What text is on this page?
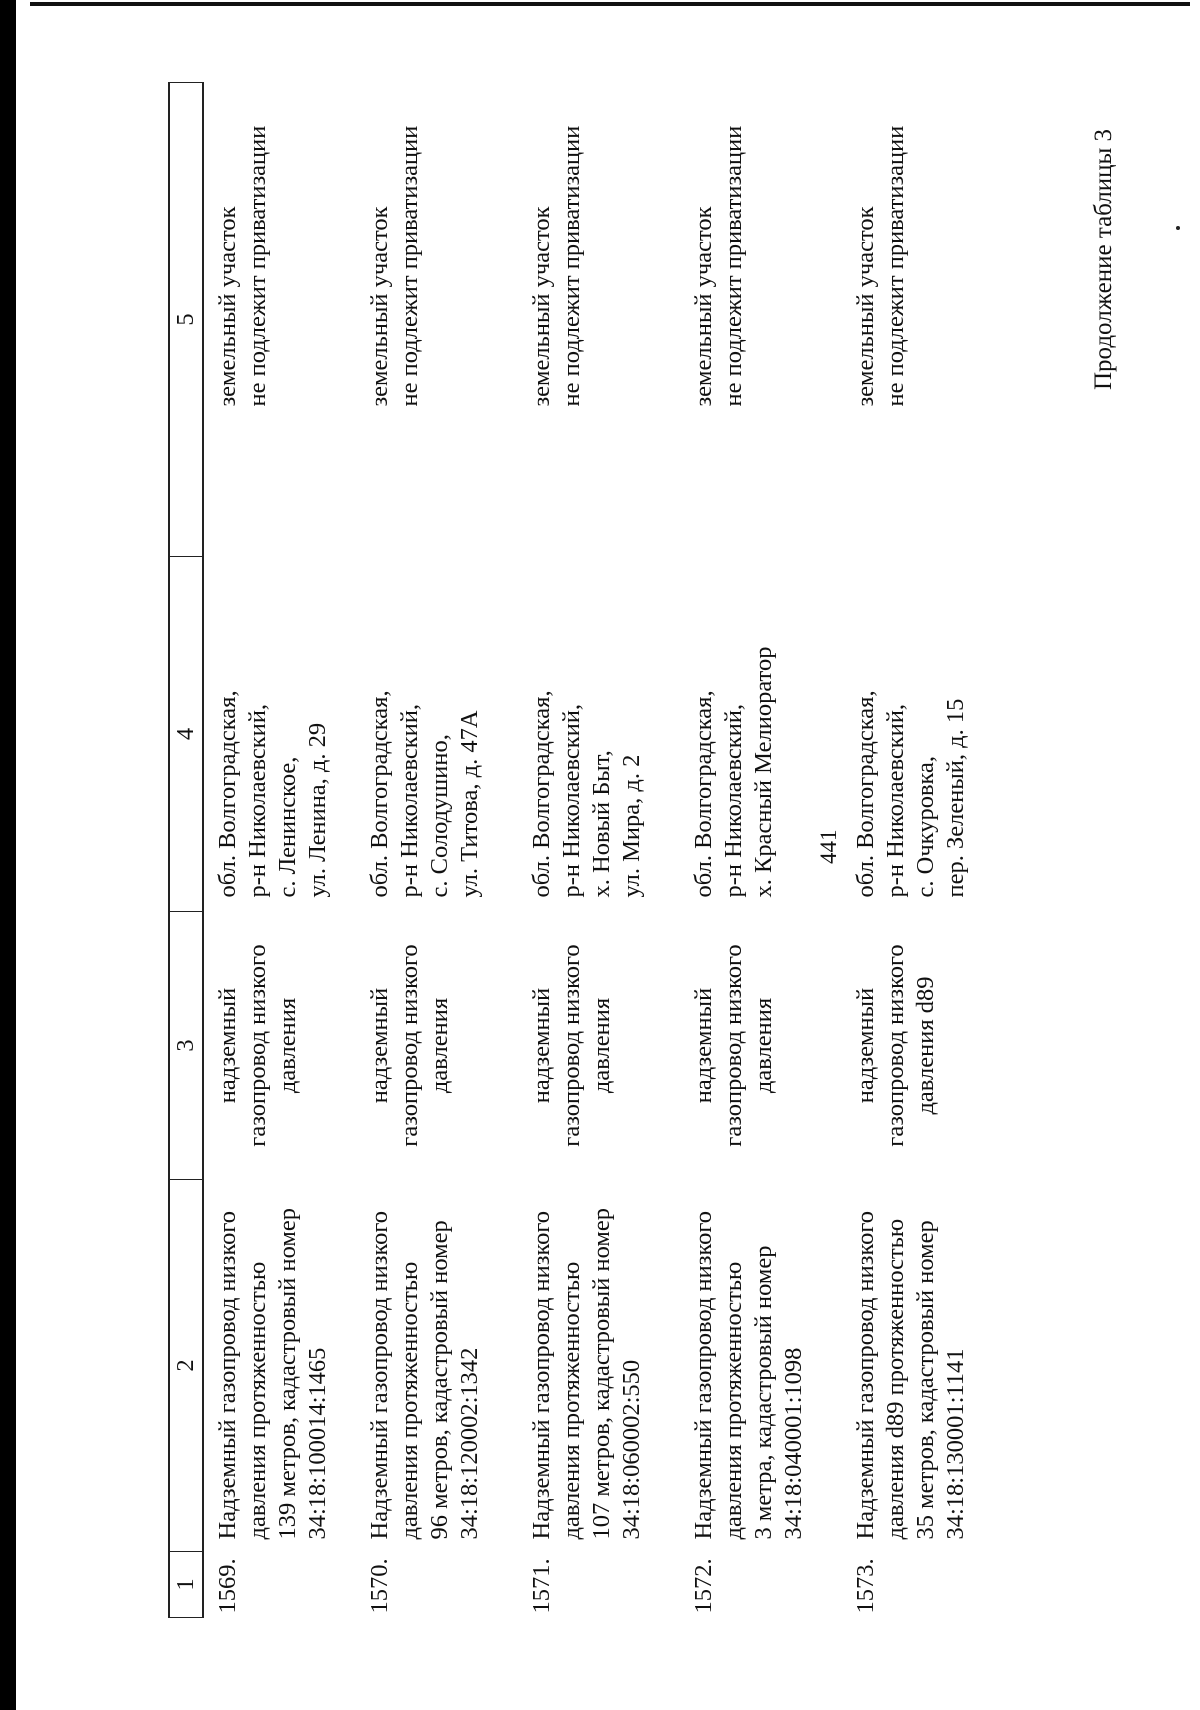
441
Продолжение таблицы 3
1	2	3	4	5
1569.	Надземный газопровод низкого давления протяженностью 139 метров, кадастровый номер 34:18:100014:1465	надземный газопровод низкого давления	обл. Волгоградская, р-н Николаевский, с. Ленинское, ул. Ленина, д. 29	земельный участок не подлежит приватизации

1570.	Надземный газопровод низкого давления протяженностью 96 метров, кадастровый номер 34:18:120002:1342	надземный газопровод низкого давления	обл. Волгоградская, р-н Николаевский, с. Солодушино, ул. Титова, д. 47А	земельный участок не подлежит приватизации

1571.	Надземный газопровод низкого давления протяженностью 107 метров, кадастровый номер 34:18:060002:550	надземный газопровод низкого давления	обл. Волгоградская, р-н Николаевский, х. Новый Быт, ул. Мира, д. 2	земельный участок не подлежит приватизации

1572.	Надземный газопровод низкого давления протяженностью 3 метра, кадастровый номер 34:18:040001:1098	надземный газопровод низкого давления	обл. Волгоградская, р-н Николаевский, х. Красный Мелиоратор	земельный участок не подлежит приватизации

1573.	Надземный газопровод низкого давления d89 протяженностью 35 метров, кадастровый номер 34:18:130001:1141	надземный газопровод низкого давления d89	обл. Волгоградская, р-н Николаевский, с. Очкуровка, пер. Зеленый, д. 15	земельный участок не подлежит приватизации
